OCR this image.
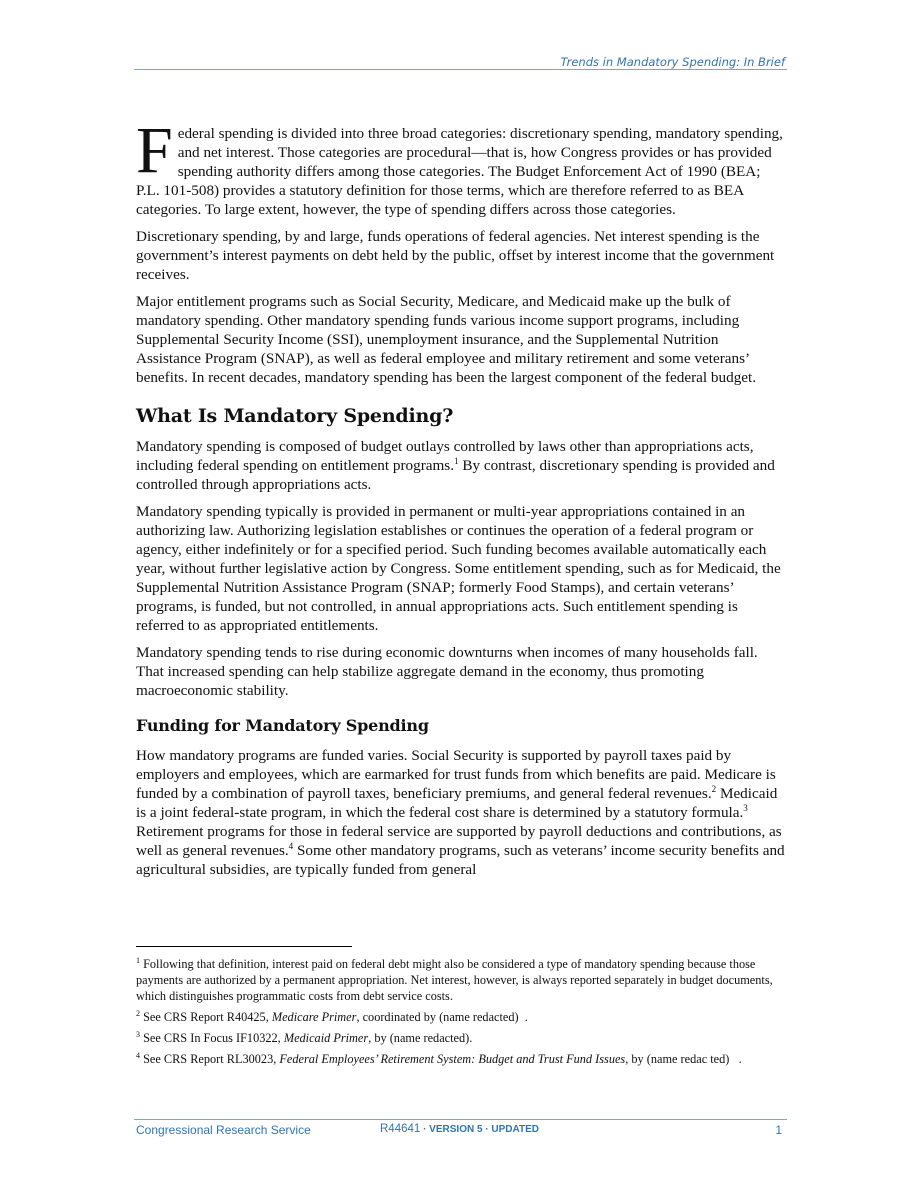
Trends in Mandatory Spending: In Brief

Federal spending is divided into three broad categories: discretionary spending, mandatory spending, and net interest. Those categories are procedural—that is, how Congress provides or has provided spending authority differs among those categories. The Budget Enforcement Act of 1990 (BEA; P.L. 101-508) provides a statutory definition for those terms, which are therefore referred to as BEA categories. To large extent, however, the type of spending differs across those categories.

Discretionary spending, by and large, funds operations of federal agencies. Net interest spending is the government’s interest payments on debt held by the public, offset by interest income that the government receives.

Major entitlement programs such as Social Security, Medicare, and Medicaid make up the bulk of mandatory spending. Other mandatory spending funds various income support programs, including Supplemental Security Income (SSI), unemployment insurance, and the Supplemental Nutrition Assistance Program (SNAP), as well as federal employee and military retirement and some veterans’ benefits. In recent decades, mandatory spending has been the largest component of the federal budget.

What Is Mandatory Spending?

Mandatory spending is composed of budget outlays controlled by laws other than appropriations acts, including federal spending on entitlement programs.$^1$ By contrast, discretionary spending is provided and controlled through appropriations acts.

Mandatory spending typically is provided in permanent or multi-year appropriations contained in an authorizing law. Authorizing legislation establishes or continues the operation of a federal program or agency, either indefinitely or for a specified period. Such funding becomes available automatically each year, without further legislative action by Congress. Some entitlement spending, such as for Medicaid, the Supplemental Nutrition Assistance Program (SNAP; formerly Food Stamps), and certain veterans’ programs, is funded, but not controlled, in annual appropriations acts. Such entitlement spending is referred to as appropriated entitlements.

Mandatory spending tends to rise during economic downturns when incomes of many households fall. That increased spending can help stabilize aggregate demand in the economy, thus promoting macroeconomic stability.

Funding for Mandatory Spending

How mandatory programs are funded varies. Social Security is supported by payroll taxes paid by employers and employees, which are earmarked for trust funds from which benefits are paid. Medicare is funded by a combination of payroll taxes, beneficiary premiums, and general federal revenues.$^2$ Medicaid is a joint federal-state program, in which the federal cost share is determined by a statutory formula.$^3$ Retirement programs for those in federal service are supported by payroll deductions and contributions, as well as general revenues.$^4$ Some other mandatory programs, such as veterans’ income security benefits and agricultural subsidies, are typically funded from general

$^1$ Following that definition, interest paid on federal debt might also be considered a type of mandatory spending because those payments are authorized by a permanent appropriation. Net interest, however, is always reported separately in budget documents, which distinguishes programmatic costs from debt service costs.

$^2$ See CRS Report R40425, Medicare Primer, coordinated by (name redacted)  .

$^3$ See CRS In Focus IF10322, Medicaid Primer, by (name redacted).

$^4$ See CRS Report RL30023, Federal Employees’ Retirement System: Budget and Trust Fund Issues, by (name redac ted)   .

Congressional Research Service	R44641 · VERSION 5 · UPDATED	1
